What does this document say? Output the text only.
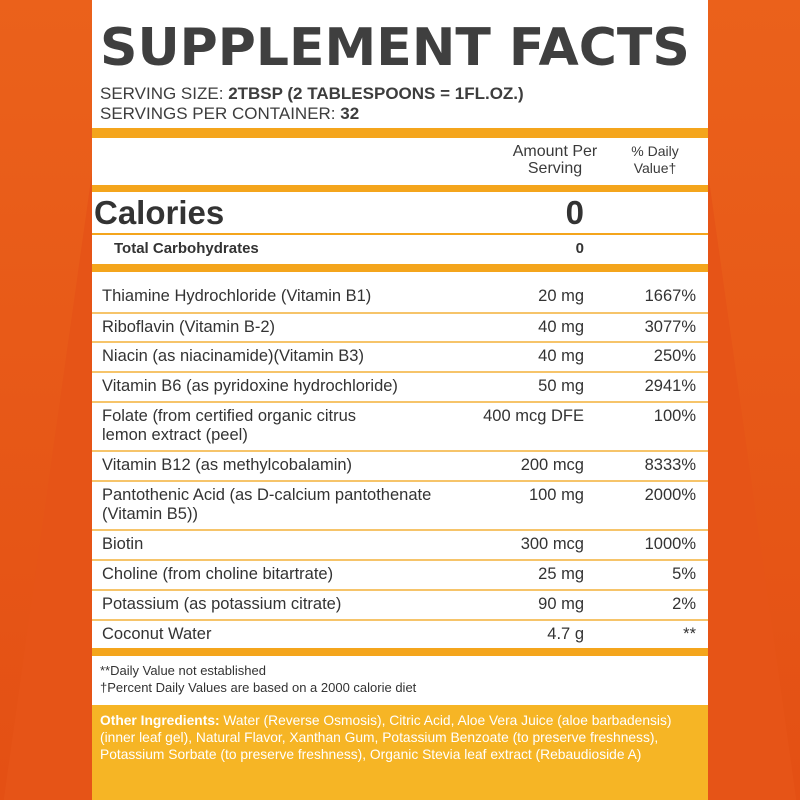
SUPPLEMENT FACTS
SERVING SIZE: 2TBSP (2 TABLESPOONS = 1FL.OZ.)
SERVINGS PER CONTAINER: 32
Amount Per
Serving
% Daily
Value†
Calories	0
Total Carbohydrates	0
Thiamine Hydrochloride (Vitamin B1)	20 mg	1667%
Riboflavin (Vitamin B-2)	40 mg	3077%
Niacin (as niacinamide)(Vitamin B3)	40 mg	250%
Vitamin B6 (as pyridoxine hydrochloride)	50 mg	2941%
Folate (from certified organic citrus
lemon extract (peel)
400 mcg DFE	100%
Vitamin B12 (as methylcobalamin)	200 mcg	8333%
Pantothenic Acid (as D-calcium pantothenate
(Vitamin B5))
100 mg	2000%
Biotin	300 mcg	1000%
Choline (from choline bitartrate)	25 mg	5%
Potassium (as potassium citrate)	90 mg	2%
Coconut Water	4.7 g	**
**Daily Value not established
†Percent Daily Values are based on a 2000 calorie diet
Other Ingredients: Water (Reverse Osmosis), Citric Acid, Aloe Vera Juice (aloe barbadensis) (inner leaf gel), Natural Flavor, Xanthan Gum, Potassium Benzoate (to preserve freshness), Potassium Sorbate (to preserve freshness), Organic Stevia leaf extract (Rebaudioside A)
